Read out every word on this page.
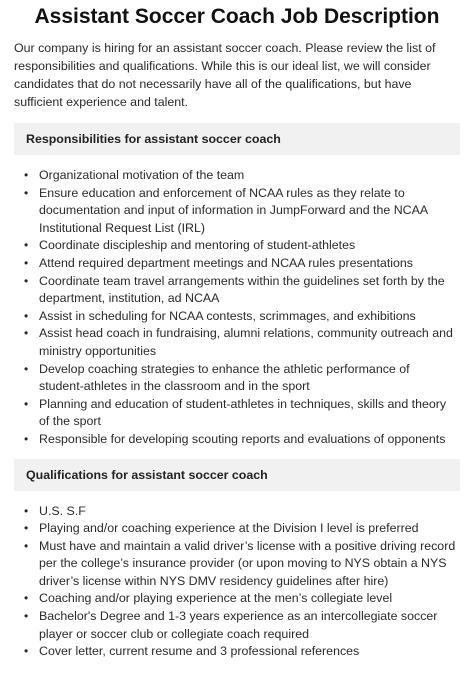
Assistant Soccer Coach Job Description

Our company is hiring for an assistant soccer coach. Please review the list of responsibilities and qualifications. While this is our ideal list, we will consider candidates that do not necessarily have all of the qualifications, but have sufficient experience and talent.

Responsibilities for assistant soccer coach
• Organizational motivation of the team
• Ensure education and enforcement of NCAA rules as they relate to documentation and input of information in JumpForward and the NCAA Institutional Request List (IRL)
• Coordinate discipleship and mentoring of student-athletes
• Attend required department meetings and NCAA rules presentations
• Coordinate team travel arrangements within the guidelines set forth by the department, institution, ad NCAA
• Assist in scheduling for NCAA contests, scrimmages, and exhibitions
• Assist head coach in fundraising, alumni relations, community outreach and ministry opportunities
• Develop coaching strategies to enhance the athletic performance of student-athletes in the classroom and in the sport
• Planning and education of student-athletes in techniques, skills and theory of the sport
• Responsible for developing scouting reports and evaluations of opponents
Qualifications for assistant soccer coach
• U.S. S.F
• Playing and/or coaching experience at the Division I level is preferred
• Must have and maintain a valid driver’s license with a positive driving record per the college’s insurance provider (or upon moving to NYS obtain a NYS driver’s license within NYS DMV residency guidelines after hire)
• Coaching and/or playing experience at the men’s collegiate level
• Bachelor's Degree and 1-3 years experience as an intercollegiate soccer player or soccer club or collegiate coach required
• Cover letter, current resume and 3 professional references
